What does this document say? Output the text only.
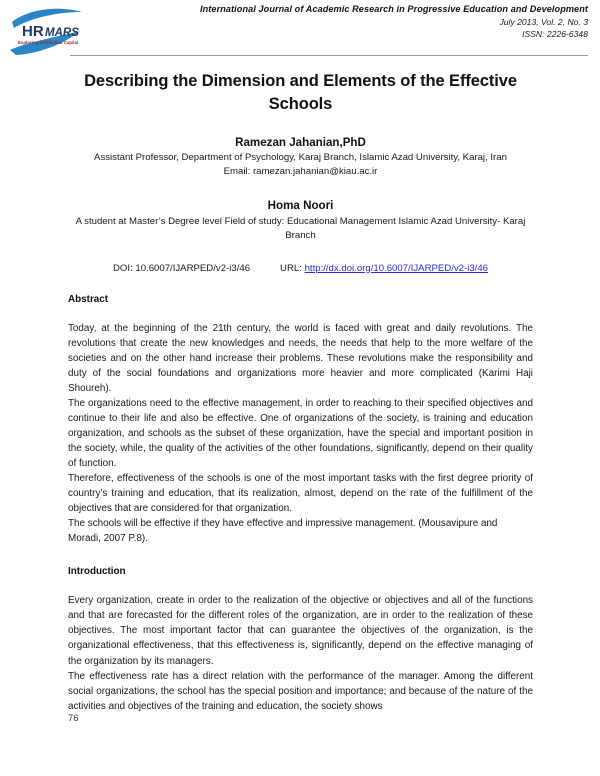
HR MARS
Exploring Intellectual Capital
International Journal of Academic Research in Progressive Education and Development
July 2013, Vol. 2, No. 3
ISSN: 2226-6348
Describing the Dimension and Elements of the Effective Schools
Ramezan Jahanian,PhD
Assistant Professor, Department of Psychology, Karaj Branch, Islamic Azad University, Karaj, Iran
Email: ramezan.jahanian@kiau.ac.ir
Homa Noori
A student at Master’s Degree level Field of study: Educational Management Islamic Azad University- Karaj Branch
DOI: 10.6007/IJARPED/v2-i3/46	URL: http://dx.doi.org/10.6007/IJARPED/v2-i3/46
Abstract

Today, at the beginning of the 21th century, the world is faced with great and daily revolutions. The revolutions that create the new knowledges and needs, the needs that help to the more welfare of the societies and on the other hand increase their problems. These revolutions make the responsibility and duty of the social foundations and organizations more heavier and more complicated (Karimi Haji Shoureh).

The organizations need to the effective management, in order to reaching to their specified objectives and continue to their life and also be effective. One of organizations of the society, is training and education organization, and schools as the subset of these organization, have the special and important position in the society, while, the quality of the activities of the other foundations, significantly, depend on their quality of function.

Therefore, effectiveness of the schools is one of the most important tasks with the first degree priority of country’s training and education, that its realization, almost, depend on the rate of the fulfillment of the objectives that are considered for that organization.

The schools will be effective if they have effective and impressive management. (Mousavipure and Moradi, 2007 P.8).

Introduction

Every organization, create in order to the realization of the objective or objectives and all of the functions and that are forecasted for the different roles of the organization, are in order to the realization of these objectives. The most important factor that can guarantee the objectives of the organization, is the organizational effectiveness, that this effectiveness is, significantly, depend on the effective managing of the organization by its managers.

The effectiveness rate has a direct relation with the performance of the manager. Among the different social organizations, the school has the special position and importance; and because of the nature of the activities and objectives of the training and education, the society shows

76
